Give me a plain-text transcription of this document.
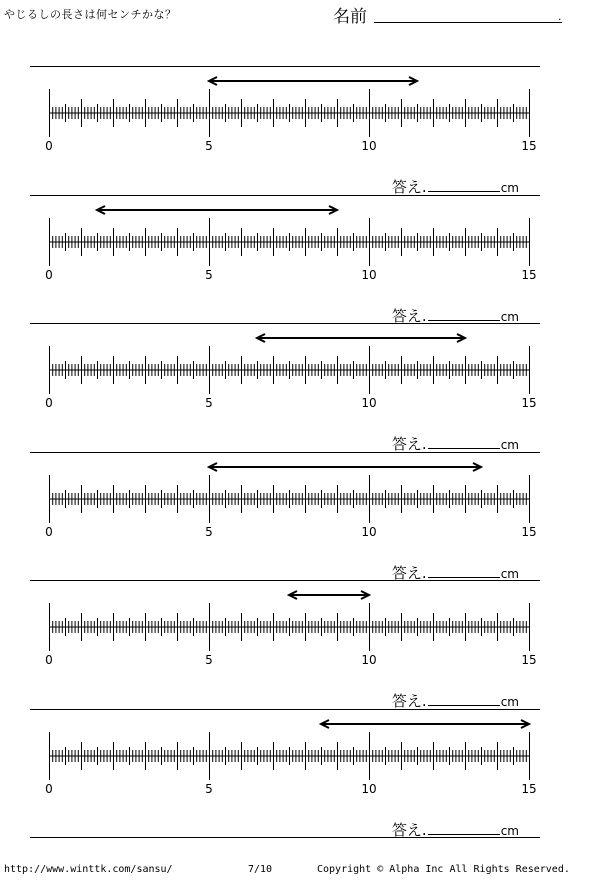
やじるしの長さは何センチかな？	名前	.
0	5	10	15
答え.	cm
0	5	10	15
答え.	cm
0	5	10	15
答え.	cm
0	5	10	15
答え.	cm
0	5	10	15
答え.	cm
0	5	10	15
答え.	cm
http://www.winttk.com/sansu/	7/10	Copyright © Alpha Inc All Rights Reserved.
